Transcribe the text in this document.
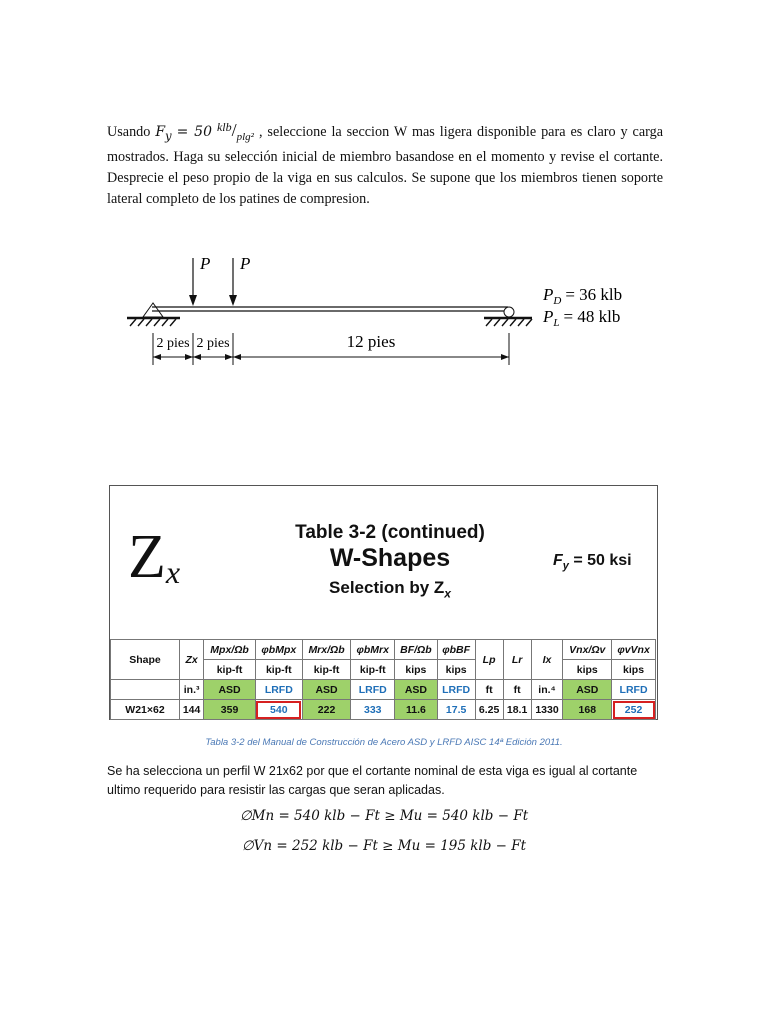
Usando $F_y = 50$ $^{klb}/_{plg^2}$ , seleccione la seccion W mas ligera disponible para es claro y carga mostrados. Haga su selección inicial de miembro basandose en el momento y revise el cortante. Desprecie el peso propio de la viga en sus calculos. Se supone que los miembros tienen soporte lateral completo de los patines de compresion.
P P
$P_D = 36$ klb
$P_L = 48$ klb
2 pies 2 pies	12 pies
$Z_x$
Table 3-2 (continued)
W-Shapes
Selection by $Z_x$
$F_y = 50$ ksi
Shape	Zx	Mpx/Ωb	φbMpx	Mrx/Ωb	φbMrx	BF/Ωb	φbBF	Lp	Lr	Ix	Vnx/Ωv	φvVnx
		kip-ft	kip-ft	kip-ft	kip-ft	kips	kips				kips	kips
	in.³	ASD	LRFD	ASD	LRFD	ASD	LRFD	ft	ft	in.⁴	ASD	LRFD
W21×62	144	359	540	222	333	11.6	17.5	6.25	18.1	1330	168	252
Tabla 3-2 del Manual de Construcción de Acero ASD y LRFD AISC 14ª Edición 2011.
Se ha selecciona un perfil W 21x62 por que el cortante nominal de esta viga es igual al cortante ultimo requerido para resistir las cargas que seran aplicadas.
∅Mn = 540 klb − Ft ≥ Mu = 540 klb − Ft
∅Vn = 252 klb − Ft ≥ Mu = 195 klb − Ft
